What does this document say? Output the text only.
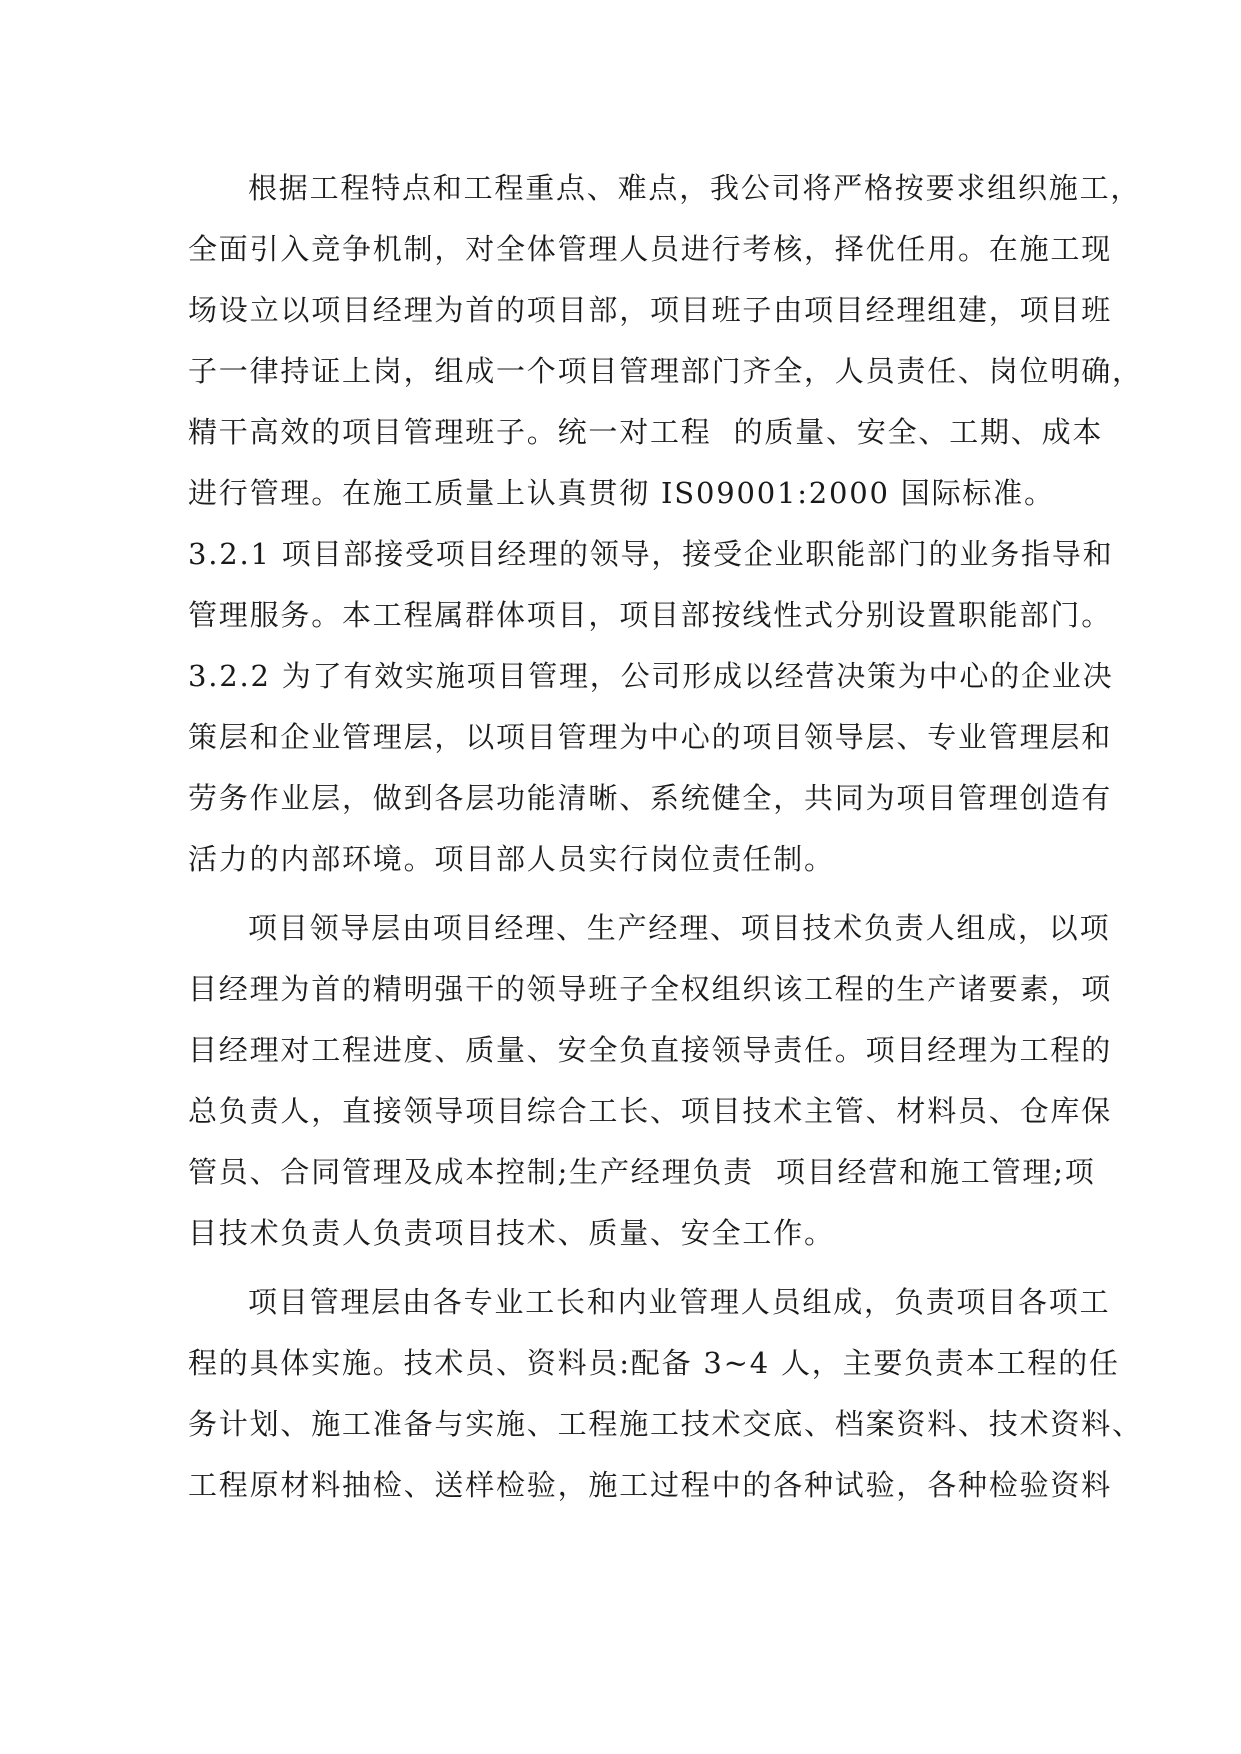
根据工程特点和工程重点、难点，我公司将严格按要求组织施工，
全面引入竞争机制，对全体管理人员进行考核，择优任用。在施工现
场设立以项目经理为首的项目部，项目班子由项目经理组建，项目班
子一律持证上岗，组成一个项目管理部门齐全，人员责任、岗位明确，
精干高效的项目管理班子。统一对工程  的质量、安全、工期、成本
进行管理。在施工质量上认真贯彻 IS09001:2000 国际标准。
3.2.1 项目部接受项目经理的领导，接受企业职能部门的业务指导和
管理服务。本工程属群体项目，项目部按线性式分别设置职能部门。
3.2.2 为了有效实施项目管理，公司形成以经营决策为中心的企业决
策层和企业管理层，以项目管理为中心的项目领导层、专业管理层和
劳务作业层，做到各层功能清晰、系统健全，共同为项目管理创造有
活力的内部环境。项目部人员实行岗位责任制。
项目领导层由项目经理、生产经理、项目技术负责人组成，以项
目经理为首的精明强干的领导班子全权组织该工程的生产诸要素，项
目经理对工程进度、质量、安全负直接领导责任。项目经理为工程的
总负责人，直接领导项目综合工长、项目技术主管、材料员、仓库保
管员、合同管理及成本控制;生产经理负责  项目经营和施工管理;项
目技术负责人负责项目技术、质量、安全工作。
项目管理层由各专业工长和内业管理人员组成，负责项目各项工
程的具体实施。技术员、资料员:配备 3~4 人，主要负责本工程的任
务计划、施工准备与实施、工程施工技术交底、档案资料、技术资料、
工程原材料抽检、送样检验，施工过程中的各种试验，各种检验资料
